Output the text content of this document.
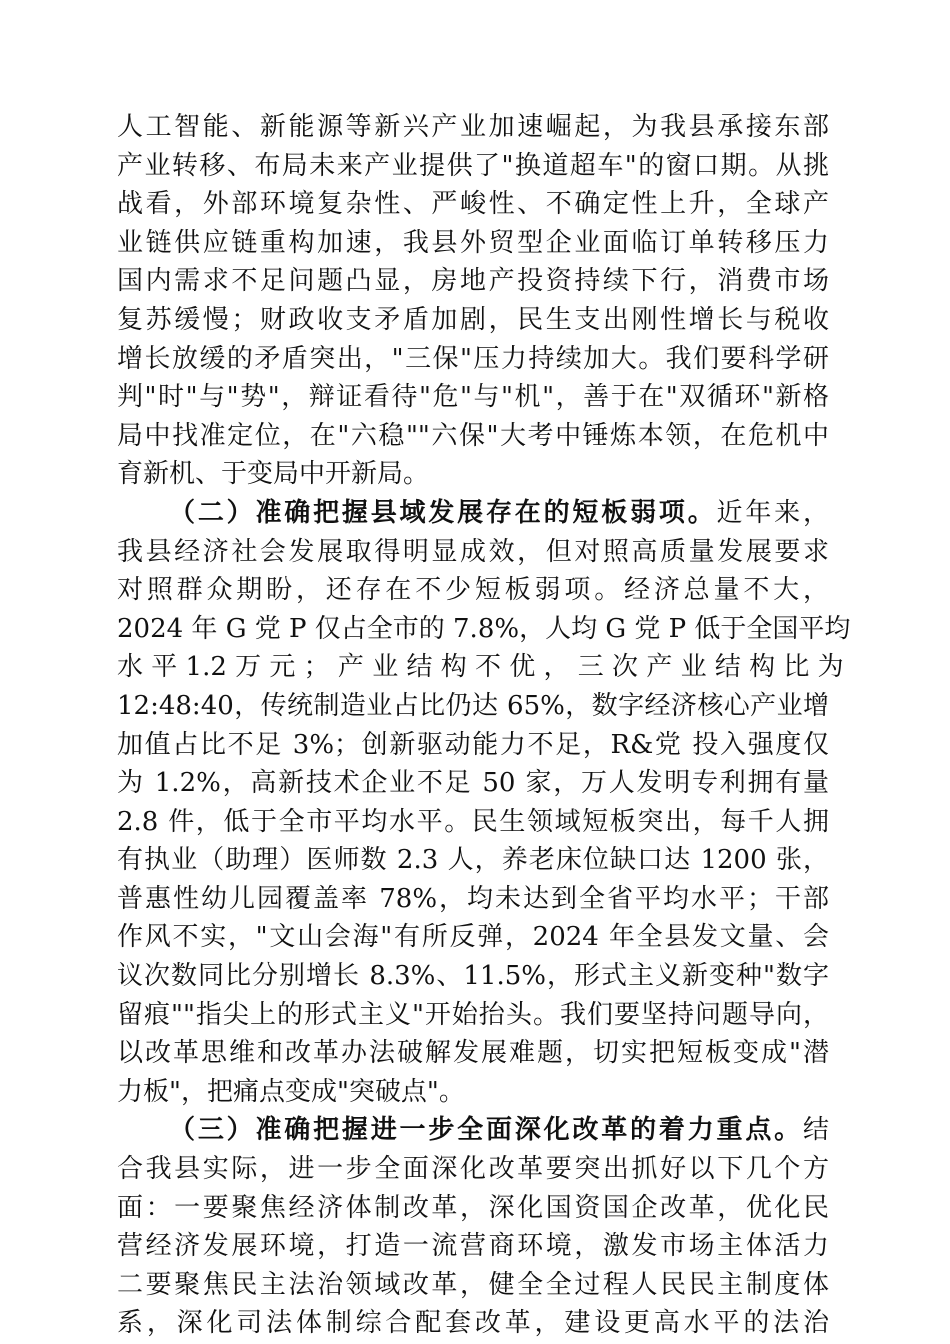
人工智能、新能源等新兴产业加速崛起，为我县承接东部
产业转移、布局未来产业提供了"换道超车"的窗口期。从挑
战看，外部环境复杂性、严峻性、不确定性上升，全球产
业链供应链重构加速，我县外贸型企业面临订单转移压力
国内需求不足问题凸显，房地产投资持续下行，消费市场
复苏缓慢；财政收支矛盾加剧，民生支出刚性增长与税收
增长放缓的矛盾突出，"三保"压力持续加大。我们要科学研
判"时"与"势"，辩证看待"危"与"机"，善于在"双循环"新格
局中找准定位，在"六稳""六保"大考中锤炼本领，在危机中
育新机、于变局中开新局。
（二）准确把握县域发展存在的短板弱项。近年来，
我县经济社会发展取得明显成效，但对照高质量发展要求
对照群众期盼，还存在不少短板弱项。经济总量不大，
2024 年 G 党 P 仅占全市的 7.8%，人均 G 党 P 低于全国平均
水 平 1.2 万 元 ； 产 业 结 构 不 优 ， 三 次 产 业 结 构 比 为
12:48:40，传统制造业占比仍达 65%，数字经济核心产业增
加值占比不足 3%；创新驱动能力不足，R&党 投入强度仅
为 1.2%，高新技术企业不足 50 家，万人发明专利拥有量
2.8 件，低于全市平均水平。民生领域短板突出，每千人拥
有执业（助理）医师数 2.3 人，养老床位缺口达 1200 张，
普惠性幼儿园覆盖率 78%，均未达到全省平均水平；干部
作风不实，"文山会海"有所反弹，2024 年全县发文量、会
议次数同比分别增长 8.3%、11.5%，形式主义新变种"数字
留痕""指尖上的形式主义"开始抬头。我们要坚持问题导向，
以改革思维和改革办法破解发展难题，切实把短板变成"潜
力板"，把痛点变成"突破点"。
（三）准确把握进一步全面深化改革的着力重点。结
合我县实际，进一步全面深化改革要突出抓好以下几个方
面：一要聚焦经济体制改革，深化国资国企改革，优化民
营经济发展环境，打造一流营商环境，激发市场主体活力
二要聚焦民主法治领域改革，健全全过程人民民主制度体
系，深化司法体制综合配套改革，建设更高水平的法治
